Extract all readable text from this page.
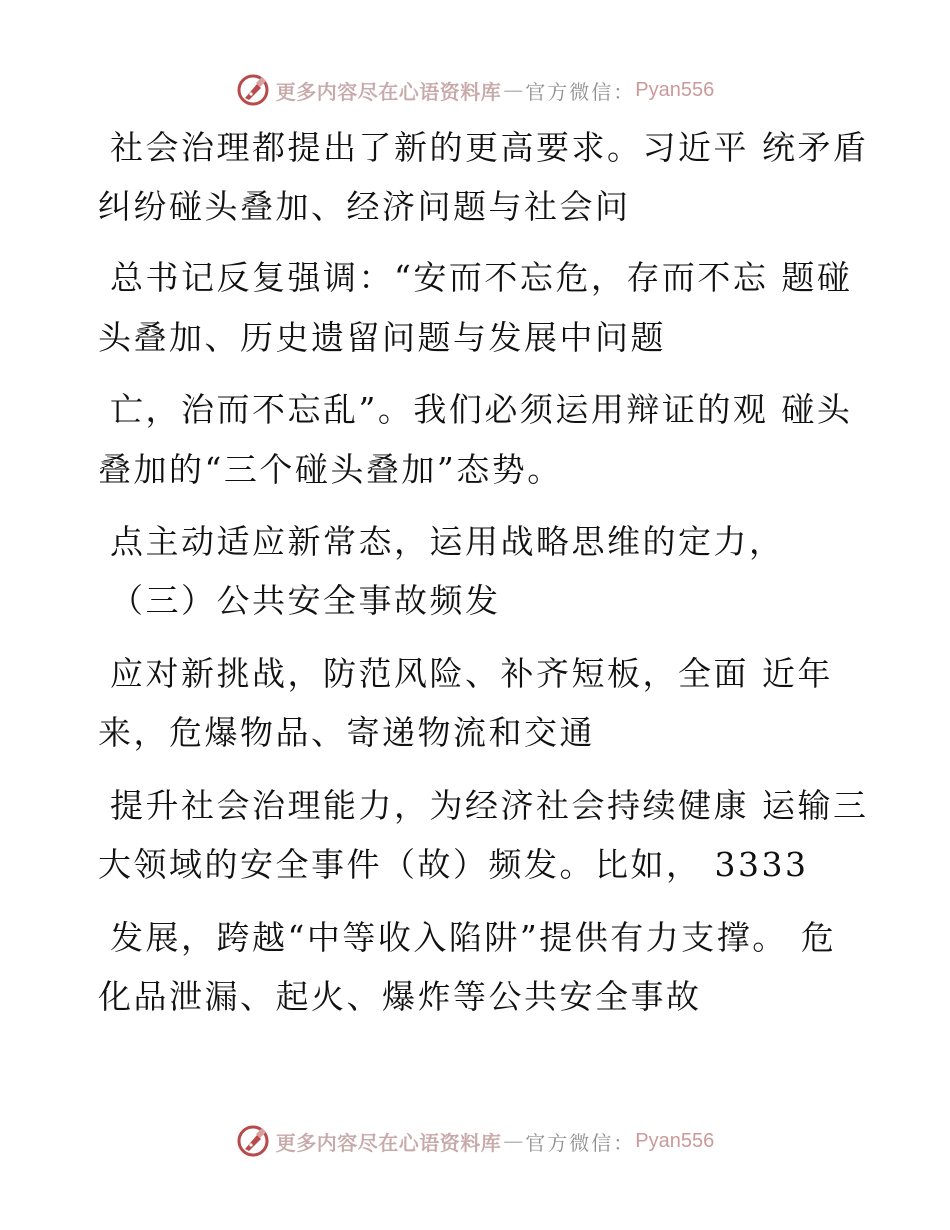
更多内容尽在心语资料库 — 官方微信： Pyan556
社会治理都提出了新的更高要求。习近平 统矛盾
纠纷碰头叠加、经济问题与社会问
总书记反复强调：“安而不忘危，存而不忘 题碰
头叠加、历史遗留问题与发展中问题
亡，治而不忘乱”。我们必须运用辩证的观 碰头
叠加的“三个碰头叠加”态势。
点主动适应新常态，运用战略思维的定力，
（三）公共安全事故频发
应对新挑战，防范风险、补齐短板，全面 近年
来，危爆物品、寄递物流和交通
提升社会治理能力，为经济社会持续健康 运输三
大领域的安全事件（故）频发。比如， 3333
发展，跨越“中等收入陷阱”提供有力支撑。 危
化品泄漏、起火、爆炸等公共安全事故
更多内容尽在心语资料库 — 官方微信： Pyan556
